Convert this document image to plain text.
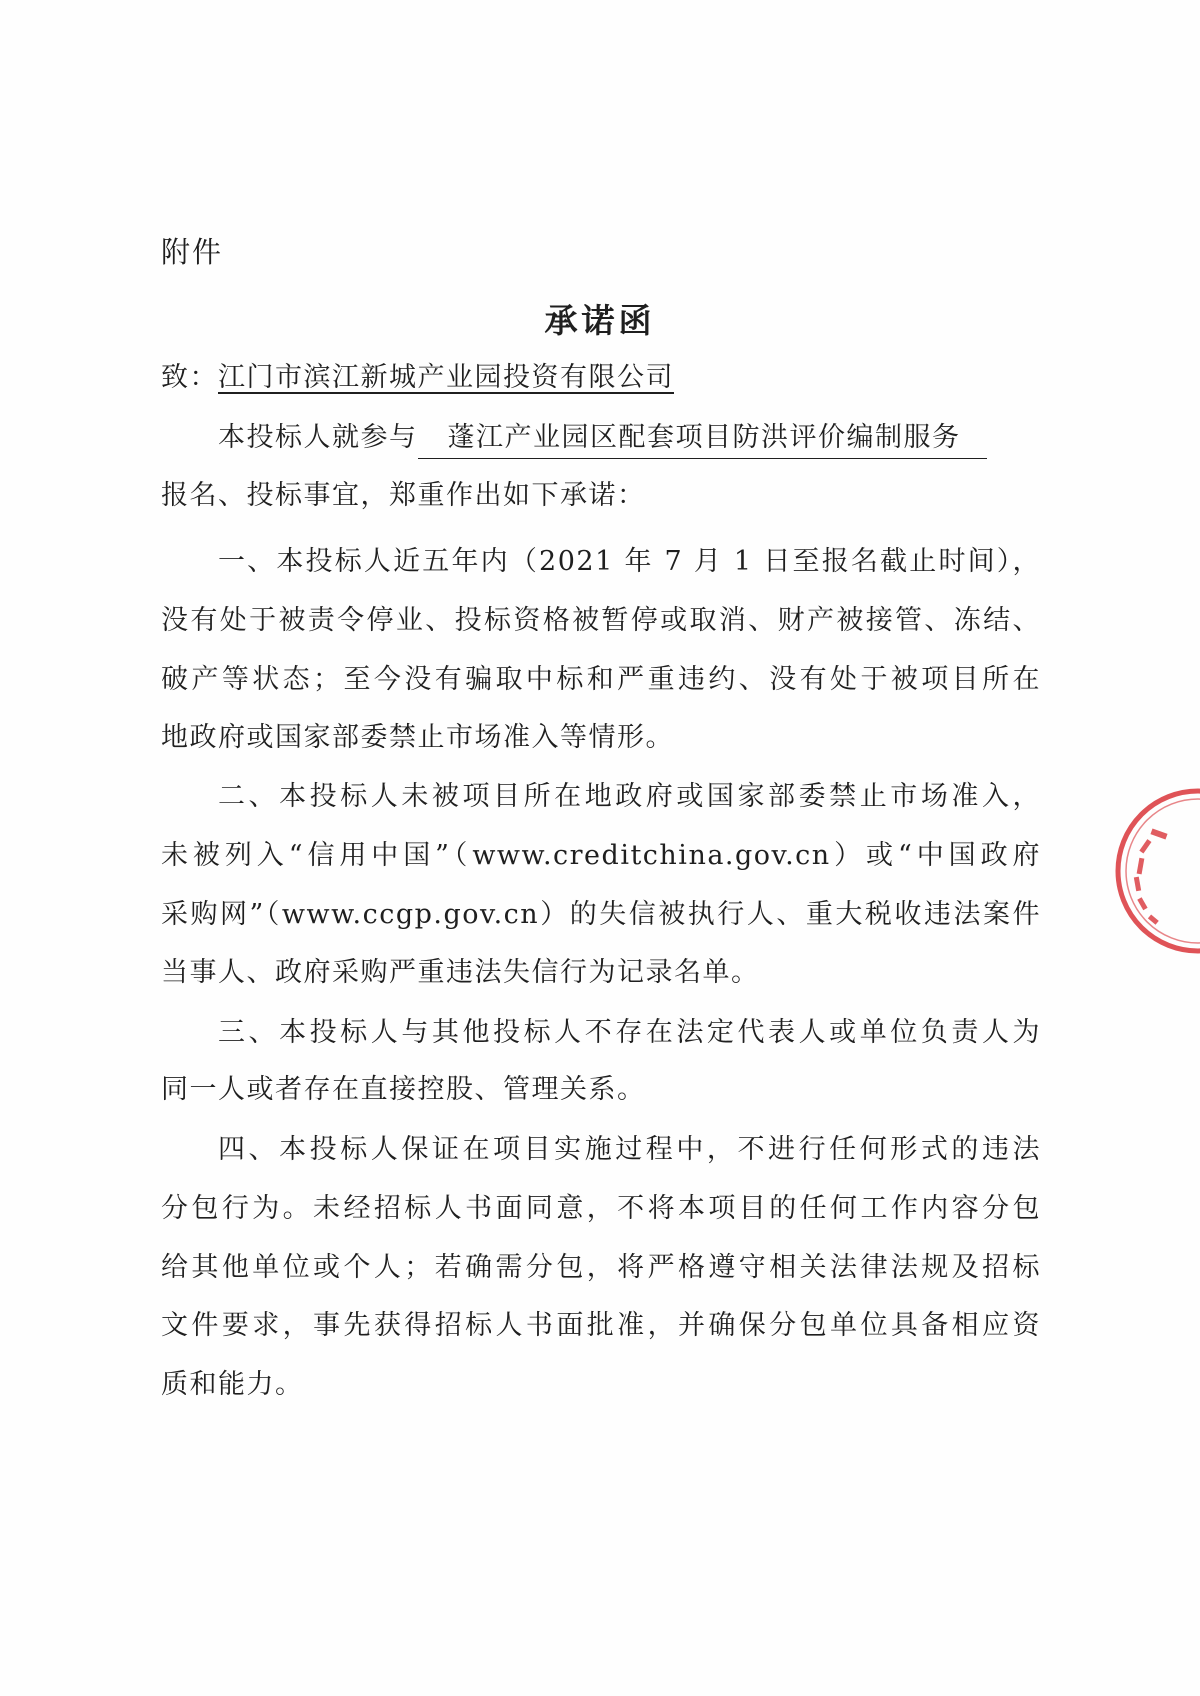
附件
承诺函
致：江门市滨江新城产业园投资有限公司
本投标人就参与 蓬江产业园区配套项目防洪评价编制服务
报名、投标事宜，郑重作出如下承诺：
一、本投标人近五年内（2021 年 7 月 1 日至报名截止时间），
没有处于被责令停业、投标资格被暂停或取消、财产被接管、冻结、
破产等状态；至今没有骗取中标和严重违约、没有处于被项目所在
地政府或国家部委禁止市场准入等情形。
二、本投标人未被项目所在地政府或国家部委禁止市场准入，
未被列入“信用中国”（www.creditchina.gov.cn）或“中国政府
采购网”（www.ccgp.gov.cn）的失信被执行人、重大税收违法案件
当事人、政府采购严重违法失信行为记录名单。
三、本投标人与其他投标人不存在法定代表人或单位负责人为
同一人或者存在直接控股、管理关系。
四、本投标人保证在项目实施过程中，不进行任何形式的违法
分包行为。未经招标人书面同意，不将本项目的任何工作内容分包
给其他单位或个人；若确需分包，将严格遵守相关法律法规及招标
文件要求，事先获得招标人书面批准，并确保分包单位具备相应资
质和能力。
